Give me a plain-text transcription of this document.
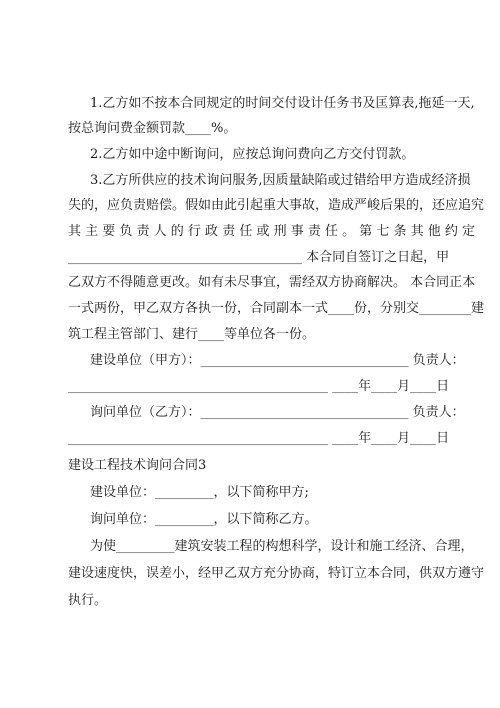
1.乙方如不按本合同规定的时间交付设计任务书及匡算表,拖延一天,
按总询问费金额罚款____%。
2.乙方如中途中断询问，应按总询问费向乙方交付罚款。
3.乙方所供应的技术询问服务,因质量缺陷或过错给甲方造成经济损
失的，应负责赔偿。假如由此引起重大事故，造成严峻后果的，还应追究
其 主 要 负 责 人 的 行 政 责 任 或 刑 事 责 任 。 第 七 条 其 他 约 定
____________________________________ 本合同自签订之日起，甲
乙双方不得随意更改。如有未尽事宜，需经双方协商解决。 本合同正本
一式两份，甲乙双方各执一份，合同副本一式____份，分别交________建
筑工程主管部门、建行____等单位各一份。
建设单位（甲方）：________________________________ 负责人：
________________________________________ ____年____月____日
询问单位（乙方）：________________________________ 负责人：
________________________________________ ____年____月____日
建设工程技术询问合同3
建设单位：_________，以下简称甲方;
询问单位：_________，以下简称乙方。
为使_________建筑安装工程的构想科学，设计和施工经济、合理，
建设速度快，误差小，经甲乙双方充分协商，特订立本合同，供双方遵守
执行。
